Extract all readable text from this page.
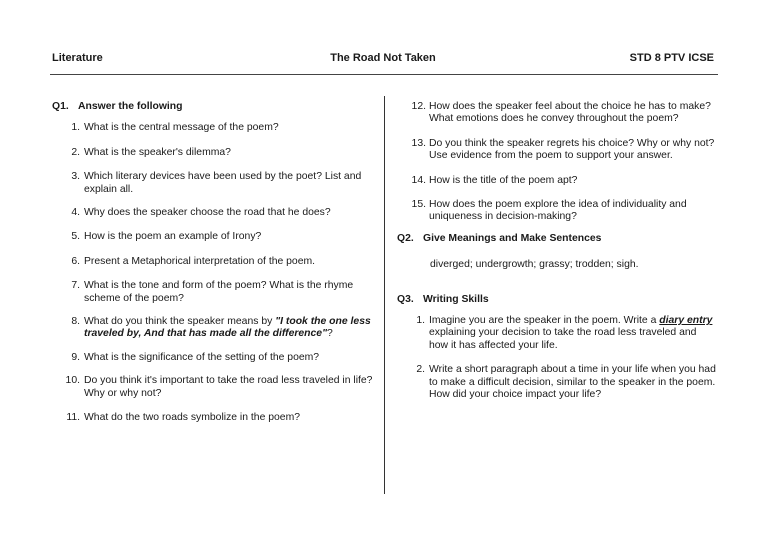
Literature	The Road Not Taken	STD 8 PTV ICSE
Q1. Answer the following
1. What is the central message of the poem?
2. What is the speaker's dilemma?
3. Which literary devices have been used by the poet? List and explain all.
4. Why does the speaker choose the road that he does?
5. How is the poem an example of Irony?
6. Present a Metaphorical interpretation of the poem.
7. What is the tone and form of the poem? What is the rhyme scheme of the poem?
8. What do you think the speaker means by "I took the one less traveled by, And that has made all the difference"?
9. What is the significance of the setting of the poem?
10. Do you think it's important to take the road less traveled in life? Why or why not?
11. What do the two roads symbolize in the poem?
12. How does the speaker feel about the choice he has to make? What emotions does he convey throughout the poem?
13. Do you think the speaker regrets his choice? Why or why not? Use evidence from the poem to support your answer.
14. How is the title of the poem apt?
15. How does the poem explore the idea of individuality and uniqueness in decision-making?
Q2. Give Meanings and Make Sentences
diverged; undergrowth; grassy; trodden; sigh.
Q3. Writing Skills
1. Imagine you are the speaker in the poem. Write a diary entry explaining your decision to take the road less traveled and how it has affected your life.
2. Write a short paragraph about a time in your life when you had to make a difficult decision, similar to the speaker in the poem. How did your choice impact your life?
